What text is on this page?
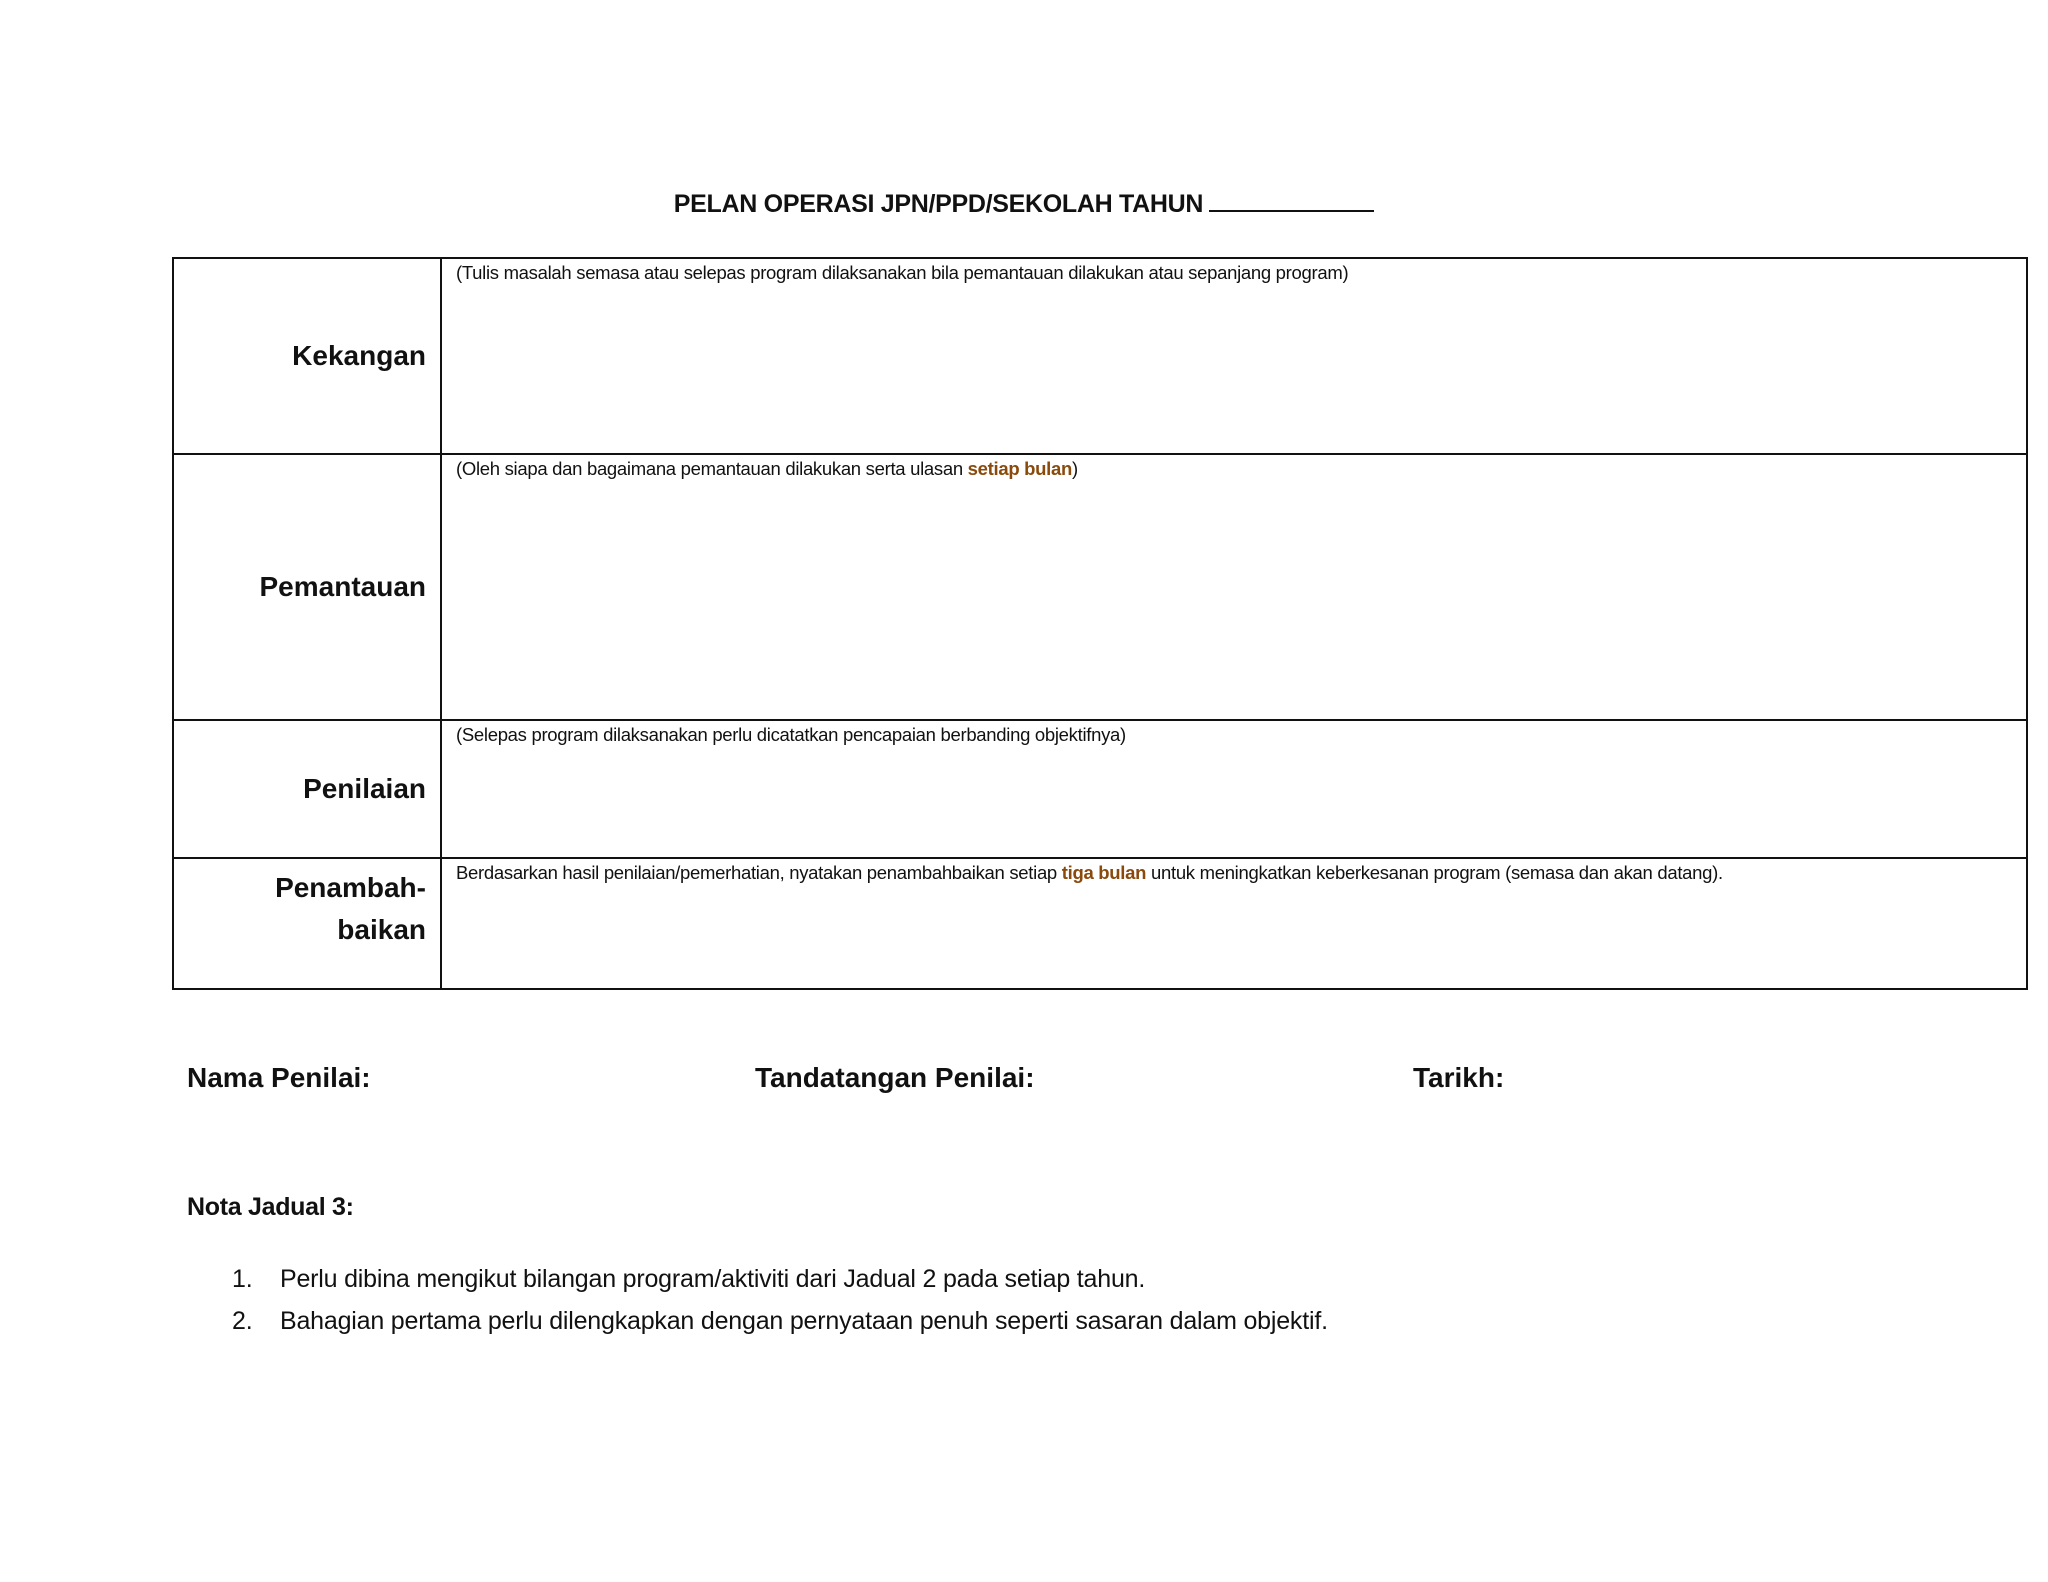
PELAN OPERASI JPN/PPD/SEKOLAH TAHUN
Kekangan	(Tulis masalah semasa atau selepas program dilaksanakan bila pemantauan dilakukan atau sepanjang program)
Pemantauan	(Oleh siapa dan bagaimana pemantauan dilakukan serta ulasan setiap bulan)
Penilaian	(Selepas program dilaksanakan perlu dicatatkan pencapaian berbanding objektifnya)
Penambah-
baikan	Berdasarkan hasil penilaian/pemerhatian, nyatakan penambahbaikan setiap tiga bulan untuk meningkatkan keberkesanan program (semasa dan akan datang).
Nama Penilai:	Tandatangan Penilai:	Tarikh:
Nota Jadual 3:
1.	Perlu dibina mengikut bilangan program/aktiviti dari Jadual 2 pada setiap tahun.
2.	Bahagian pertama perlu dilengkapkan dengan pernyataan penuh seperti sasaran dalam objektif.
